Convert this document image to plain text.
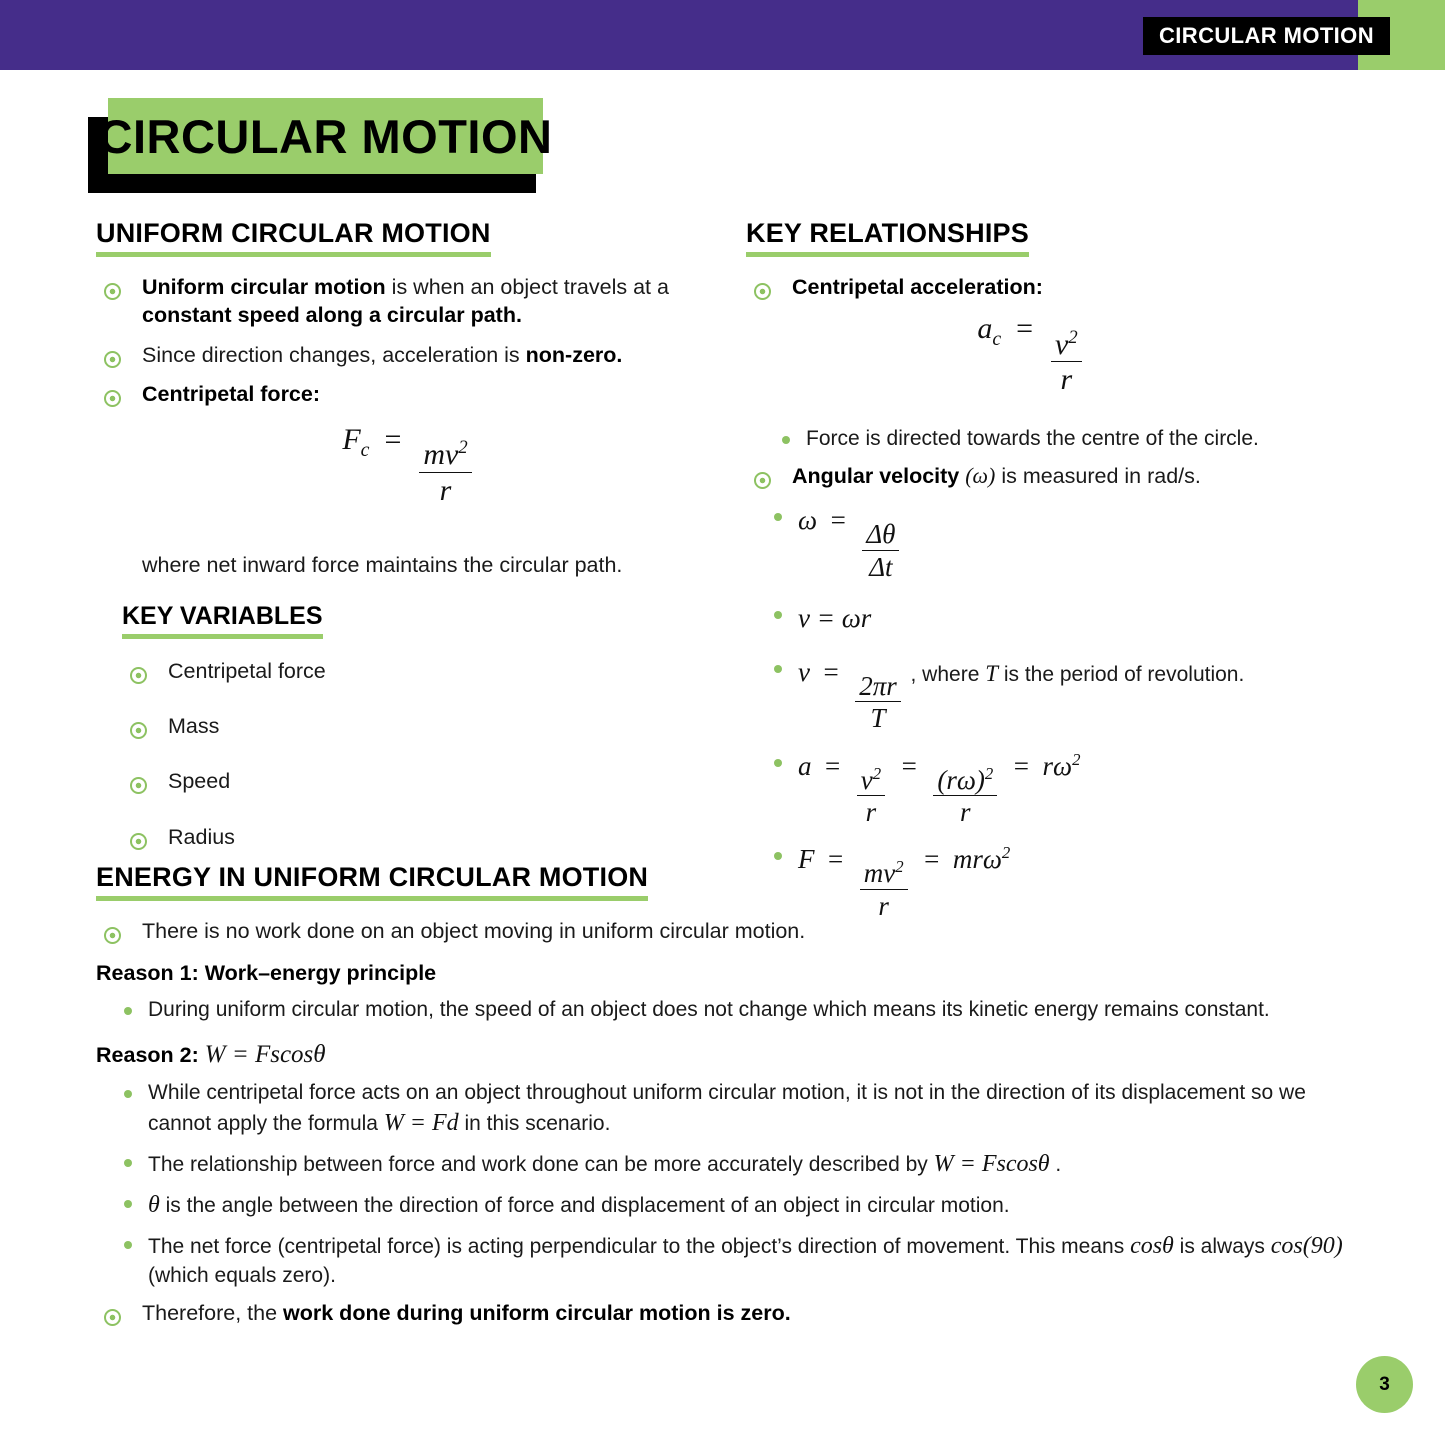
CIRCULAR MOTION
CIRCULAR MOTION
UNIFORM CIRCULAR MOTION
Uniform circular motion is when an object travels at a constant speed along a circular path.
Since direction changes, acceleration is non-zero.
Centripetal force:
$F_c$  =
$\frac{mv^2}{r}$
where net inward force maintains the circular path.
KEY VARIABLES
Centripetal force
Mass
Speed
Radius
KEY RELATIONSHIPS
Centripetal acceleration:
$a_c$  =
$\frac{v^2}{r}$
Force is directed towards the centre of the circle.
Angular velocity (ω) is measured in rad/s.
ω  =
$\frac{\Delta\theta}{\Delta t}$
v = ωr
v  =
$\frac{2\pi r}{T}$ , where T is the period of revolution.
a  =
$\frac{v^2}{r}$
=
$\frac{(r\omega)^2}{r}$
=  $r\omega^2$
F  =
$\frac{mv^2}{r}$
=  mrω$^2$
ENERGY IN UNIFORM CIRCULAR MOTION
There is no work done on an object moving in uniform circular motion.
Reason 1: Work–energy principle
During uniform circular motion, the speed of an object does not change which means its kinetic energy remains constant.
Reason 2: W = Fscosθ
While centripetal force acts on an object throughout uniform circular motion, it is not in the direction of its displacement so we cannot apply the formula W = Fd in this scenario.
The relationship between force and work done can be more accurately described by W = Fscosθ .
θ is the angle between the direction of force and displacement of an object in circular motion.
The net force (centripetal force) is acting perpendicular to the object’s direction of movement. This means cosθ is always cos(90) (which equals zero).
Therefore, the work done during uniform circular motion is zero.
3
